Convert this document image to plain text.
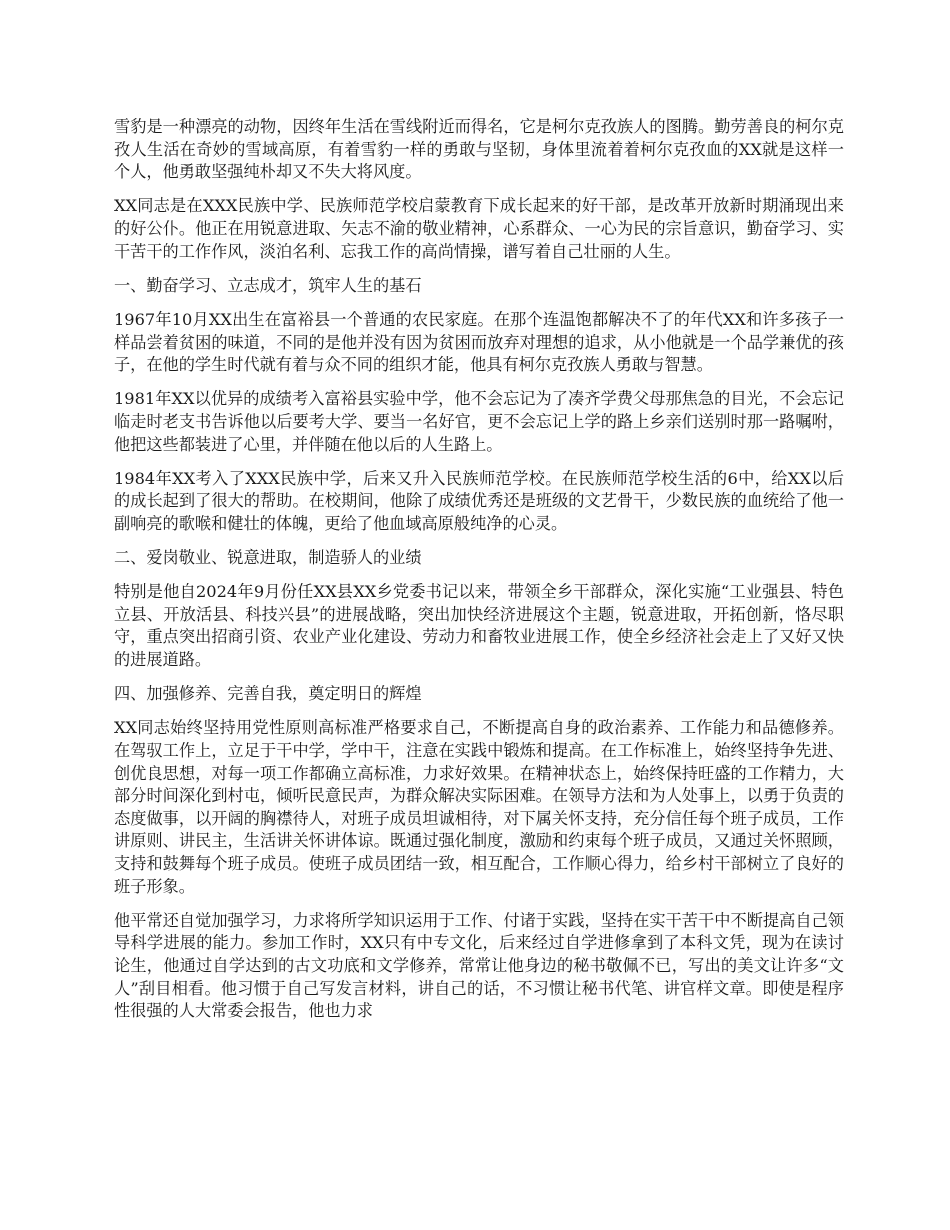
雪豹是一种漂亮的动物，因终年生活在雪线附近而得名，它是柯尔克孜族人的图腾。勤劳善良的柯尔克孜人生活在奇妙的雪域高原，有着雪豹一样的勇敢与坚韧，身体里流着着柯尔克孜血的XX就是这样一个人，他勇敢坚强纯朴却又不失大将风度。

XX同志是在XXX民族中学、民族师范学校启蒙教育下成长起来的好干部，是改革开放新时期涌现出来的好公仆。他正在用锐意进取、矢志不渝的敬业精神，心系群众、一心为民的宗旨意识，勤奋学习、实干苦干的工作作风，淡泊名利、忘我工作的高尚情操，谱写着自己壮丽的人生。

一、勤奋学习、立志成才，筑牢人生的基石

1967年10月XX出生在富裕县一个普通的农民家庭。在那个连温饱都解决不了的年代XX和许多孩子一样品尝着贫困的味道，不同的是他并没有因为贫困而放弃对理想的追求，从小他就是一个品学兼优的孩子，在他的学生时代就有着与众不同的组织才能，他具有柯尔克孜族人勇敢与智慧。

1981年XX以优异的成绩考入富裕县实验中学，他不会忘记为了凑齐学费父母那焦急的目光，不会忘记临走时老支书告诉他以后要考大学、要当一名好官，更不会忘记上学的路上乡亲们送别时那一路嘱咐，他把这些都装进了心里，并伴随在他以后的人生路上。

1984年XX考入了XXX民族中学，后来又升入民族师范学校。在民族师范学校生活的6中，给XX以后的成长起到了很大的帮助。在校期间，他除了成绩优秀还是班级的文艺骨干，少数民族的血统给了他一副响亮的歌喉和健壮的体魄，更给了他血域高原般纯净的心灵。

二、爱岗敬业、锐意进取，制造骄人的业绩

特别是他自2024年9月份任XX县XX乡党委书记以来，带领全乡干部群众，深化实施“工业强县、特色立县、开放活县、科技兴县”的进展战略，突出加快经济进展这个主题，锐意进取，开拓创新，恪尽职守，重点突出招商引资、农业产业化建设、劳动力和畜牧业进展工作，使全乡经济社会走上了又好又快的进展道路。

四、加强修养、完善自我，奠定明日的辉煌

XX同志始终坚持用党性原则高标准严格要求自己，不断提高自身的政治素养、工作能力和品德修养。在驾驭工作上，立足于干中学，学中干，注意在实践中锻炼和提高。在工作标准上，始终坚持争先进、创优良思想，对每一项工作都确立高标准，力求好效果。在精神状态上，始终保持旺盛的工作精力，大部分时间深化到村屯，倾听民意民声，为群众解决实际困难。在领导方法和为人处事上，以勇于负责的态度做事，以开阔的胸襟待人，对班子成员坦诚相待，对下属关怀支持，充分信任每个班子成员，工作讲原则、讲民主，生活讲关怀讲体谅。既通过强化制度，激励和约束每个班子成员，又通过关怀照顾，支持和鼓舞每个班子成员。使班子成员团结一致，相互配合，工作顺心得力，给乡村干部树立了良好的班子形象。

他平常还自觉加强学习，力求将所学知识运用于工作、付诸于实践，坚持在实干苦干中不断提高自己领导科学进展的能力。参加工作时，XX只有中专文化，后来经过自学进修拿到了本科文凭，现为在读讨论生，他通过自学达到的古文功底和文学修养，常常让他身边的秘书敬佩不已，写出的美文让许多“文人”刮目相看。他习惯于自己写发言材料，讲自己的话，不习惯让秘书代笔、讲官样文章。即使是程序性很强的人大常委会报告，他也力求
